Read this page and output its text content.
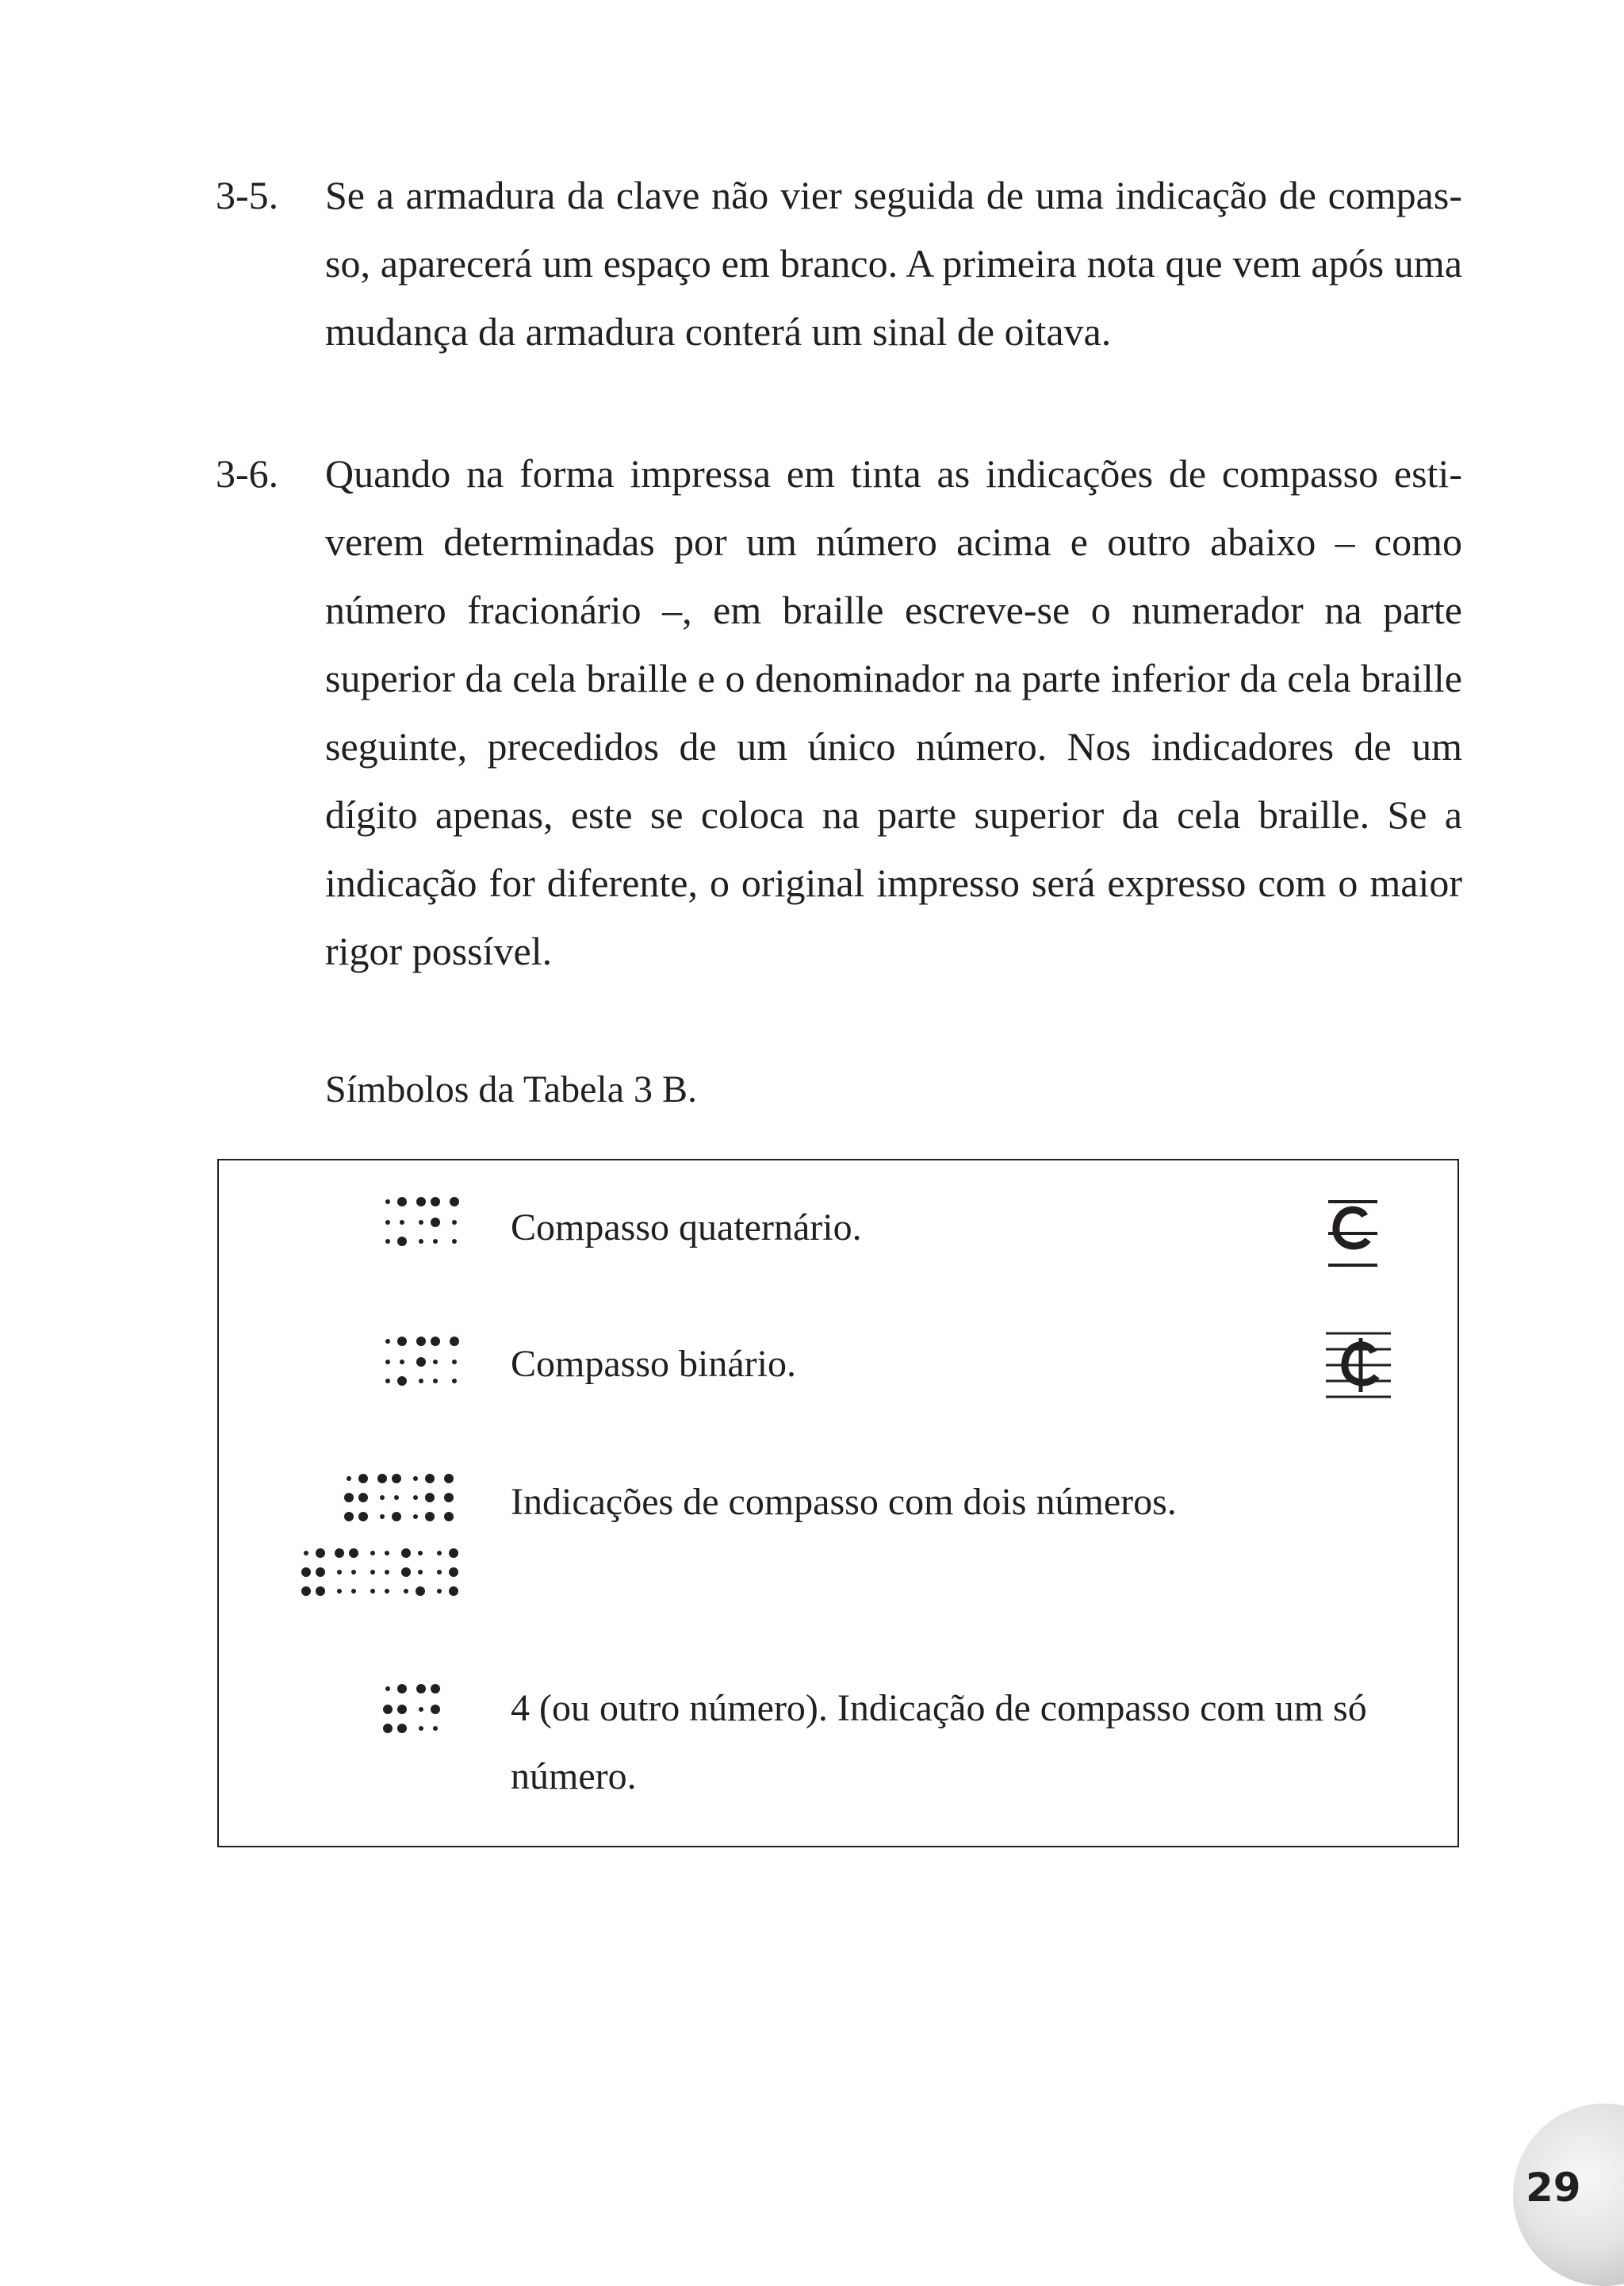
3-5. Se a armadura da clave não vier seguida de uma indicação de compasso, aparecerá um espaço em branco. A primeira nota que vem após uma mudança da armadura conterá um sinal de oitava.
3-6. Quando na forma impressa em tinta as indicações de compasso estiverem determinadas por um número acima e outro abaixo – como número fracionário –, em braille escreve-se o numerador na parte superior da cela braille e o denominador na parte inferior da cela braille seguinte, precedidos de um único número. Nos indicadores de um dígito apenas, este se coloca na parte superior da cela braille. Se a indicação for diferente, o original impresso será expresso com o maior rigor possível.
Símbolos da Tabela 3 B.
Compasso quaternário.
Compasso binário.
Indicações de compasso com dois números.
4 (ou outro número). Indicação de compasso com um só número.
29
